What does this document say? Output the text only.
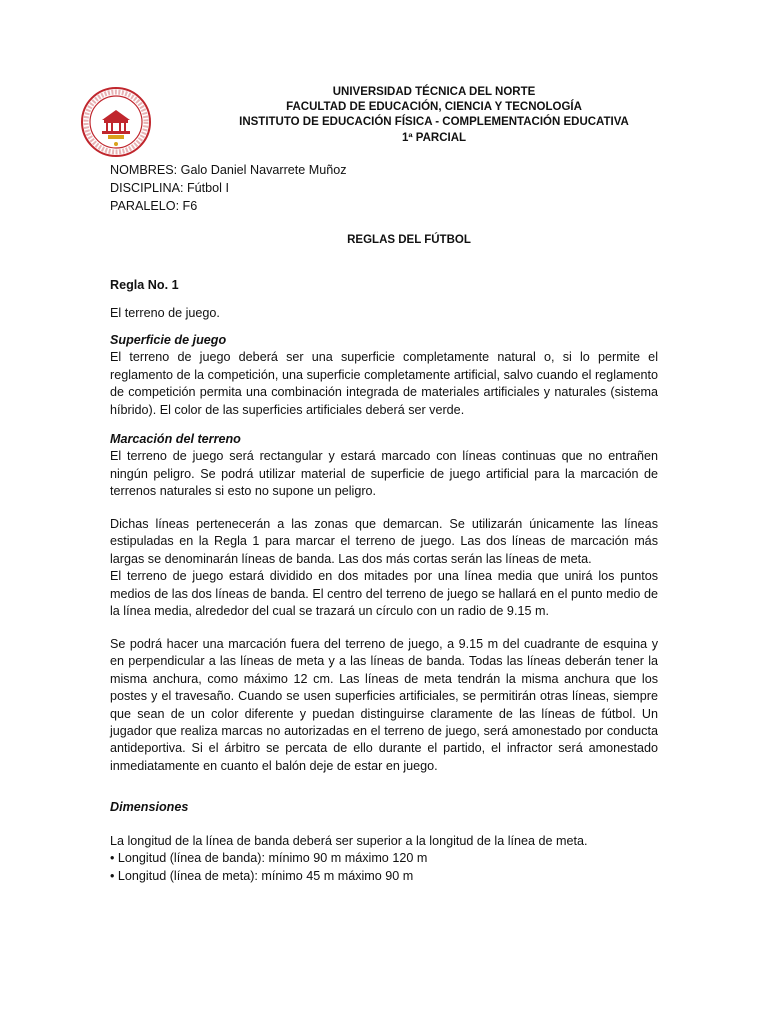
UNIVERSIDAD TÉCNICA DEL NORTE
FACULTAD DE EDUCACIÓN, CIENCIA Y TECNOLOGÍA
INSTITUTO DE EDUCACIÓN FÍSICA - COMPLEMENTACIÓN EDUCATIVA
1ª PARCIAL
NOMBRES: Galo Daniel Navarrete Muñoz
DISCIPLINA: Fútbol I
PARALELO: F6
REGLAS DEL FÚTBOL
Regla No. 1
El terreno de juego.

Superficie de juego

El terreno de juego deberá ser una superficie completamente natural o, si lo permite el reglamento de la competición, una superficie completamente artificial, salvo cuando el reglamento de competición permita una combinación integrada de materiales artificiales y naturales (sistema híbrido). El color de las superficies artificiales deberá ser verde.

Marcación del terreno

El terreno de juego será rectangular y estará marcado con líneas continuas que no entrañen ningún peligro. Se podrá utilizar material de superficie de juego artificial para la marcación de terrenos naturales si esto no supone un peligro.

Dichas líneas pertenecerán a las zonas que demarcan. Se utilizarán únicamente las líneas estipuladas en la Regla 1 para marcar el terreno de juego. Las dos líneas de marcación más largas se denominarán líneas de banda. Las dos más cortas serán las líneas de meta.

El terreno de juego estará dividido en dos mitades por una línea media que unirá los puntos medios de las dos líneas de banda. El centro del terreno de juego se hallará en el punto medio de la línea media, alrededor del cual se trazará un círculo con un radio de 9.15 m.

Se podrá hacer una marcación fuera del terreno de juego, a 9.15 m del cuadrante de esquina y en perpendicular a las líneas de meta y a las líneas de banda. Todas las líneas deberán tener la misma anchura, como máximo 12 cm. Las líneas de meta tendrán la misma anchura que los postes y el travesaño. Cuando se usen superficies artificiales, se permitirán otras líneas, siempre que sean de un color diferente y puedan distinguirse claramente de las líneas de fútbol. Un jugador que realiza marcas no autorizadas en el terreno de juego, será amonestado por conducta antideportiva. Si el árbitro se percata de ello durante el partido, el infractor será amonestado inmediatamente en cuanto el balón deje de estar en juego.

Dimensiones

La longitud de la línea de banda deberá ser superior a la longitud de la línea de meta.

• Longitud (línea de banda): mínimo 90 m máximo 120 m

• Longitud (línea de meta): mínimo 45 m máximo 90 m
